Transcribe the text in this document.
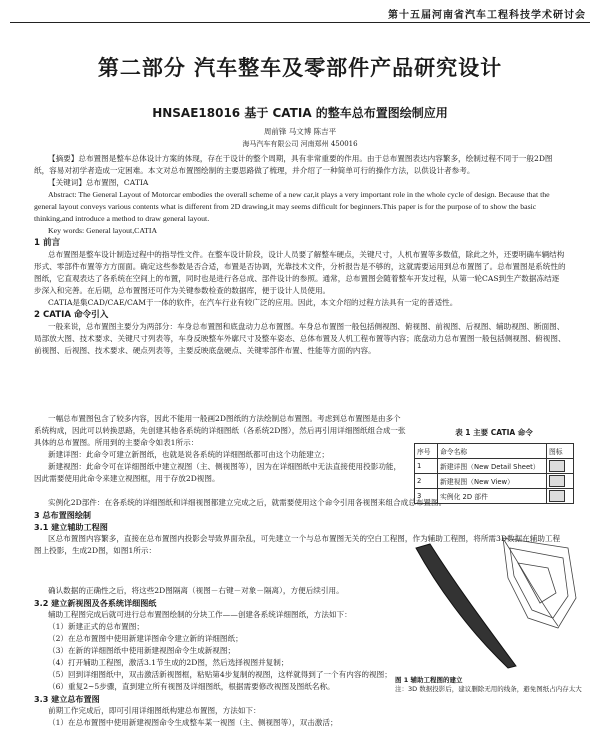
第十五届河南省汽车工程科技学术研讨会
第二部分 汽车整车及零部件产品研究设计
HNSAE18016 基于 CATIA 的整车总布置图绘制应用
周前锋 马文博 陈吉平
海马汽车有限公司 河南郑州 450016

【摘要】总布置图是整车总体设计方案的体现，存在于设计的整个周期，具有非常重要的作用。由于总布置图表达内容繁多，绘制过程不同于一般2D图纸，容易对初学者造成一定困难。本文对总布置图绘制的主要思路做了梳理，并介绍了一种简单可行的操作方法，以供设计者参考。

【关键词】总布置图，CATIA

Abstract: The General Layout of Motorcar embodies the overall scheme of a new car,it plays a very important role in the whole cycle of design. Because that the general layout conveys various contents what is different from 2D drawing,it may seems difficult for beginners.This paper is for the purpose of to show the basic thinking,and introduce a method to draw general layout.

Key words: General layout,CATIA

1 前言

总布置图是整车设计制造过程中的指导性文件。在整车设计阶段，设计人员要了解整车硬点，关键尺寸，人机布置等多数值，除此之外，还要明确车辆结构形式、零部件布置等方方面面。确定这些参数是否合适，布置是否协调，光靠技术文件，分析报告是不够的，这就需要运用到总布置图了。总布置图是系统性的图纸，它直观表达了各系统在空间上的布置，同时也是进行各总成、部件设计的参照。通常，总布置图会随着整车开发过程，从第一轮CAS到生产数据冻结逐步深入和完善。在后期，总布置图还可作为关键参数检查的数据库，便于设计人员使用。

CATIA是集CAD/CAE/CAM于一体的软件，在汽车行业有较广泛的应用。因此，本文介绍的过程方法具有一定的普适性。

2 CATIA 命令引入

一般来说，总布置图主要分为两部分：车身总布置图和底盘动力总布置图。车身总布置图一般包括侧视图、俯视图、前视图、后视图、辅助视图、断面图、局部放大图、技术要求、关键尺寸列表等，车身反映整车外廓尺寸及整车姿态、总体布置及人机工程布置等内容；底盘动力总布置图一般包括侧视图、俯视图、前视图、后视图、技术要求、硬点列表等，主要反映底盘硬点、关键零部件布置、性能等方面的内容。

一幅总布置图包含了较多内容，因此不能用一般画2D图纸的方法绘制总布置图。考虑到总布置图是由多个系统构成，因此可以转换思路，先创建其他各系统的详细图纸（各系统2D图），然后再引用详细图纸组合成一张具体的总布置图。所用到的主要命令如表1所示：

新建详图：此命令可建立新图纸，也就是说各系统的详细图纸都可由这个功能建立；

新建视图：此命令可在详细图纸中建立视图（主、侧视图等），因为在详细图纸中无法直接使用投影功能，因此需要使用此命令来建立视图框，用于存放2D视图。

实例化2D部件：在各系统的详细图纸和详细视图都建立完成之后，就需要使用这个命令引用各视图来组合成总布置图。

3 总布置图绘制

3.1 建立辅助工程图

区总布置图内容繁多，直接在总布置图内投影会导致界面杂乱，可先建立一个与总布置图无关的空白工程图，作为辅助工程图，将所需3D数据在辅助工程图上投影，生成2D图，如图1所示：

确认数据的正确性之后，将这些2D图隔离（视图－右键－对象－隔离），方便后续引用。

3.2 建立新视图及各系统详细图纸

辅助工程图完成后就可进行总布置图绘制的分块工作——创建各系统详细图纸，方法如下：

（1）新建正式的总布置图；

（2）在总布置图中使用新建详图命令建立新的详细图纸；

（3）在新的详细图纸中使用新建视图命令生成新视图；

（4）打开辅助工程图，激活3.1节生成的2D图，然后选择视图并复制；

（5）回到详细图纸中，双击激活新视图框，粘贴第4步复制的视图，这样就得到了一个有内容的视图；

（6）重复2~5步骤，直到建立所有视图及详细图纸，根据需要修改视图及图纸名称。

3.3 建立总布置图

前期工作完成后，即可引用详细图纸构建总布置图，方法如下：

（1）在总布置图中使用新建视图命令生成整车某一视图（主、侧视图等），双击激活；

表 1 主要 CATIA 命令
序号	命令名称	图标
1	新建详图（New Detail Sheet）	
2	新建视图（New View）	
3	实例化 2D 部件	
图 1 辅助工程图的建立
注：3D 数据投影后，建议删除无用的线条，避免图纸占内存太大
